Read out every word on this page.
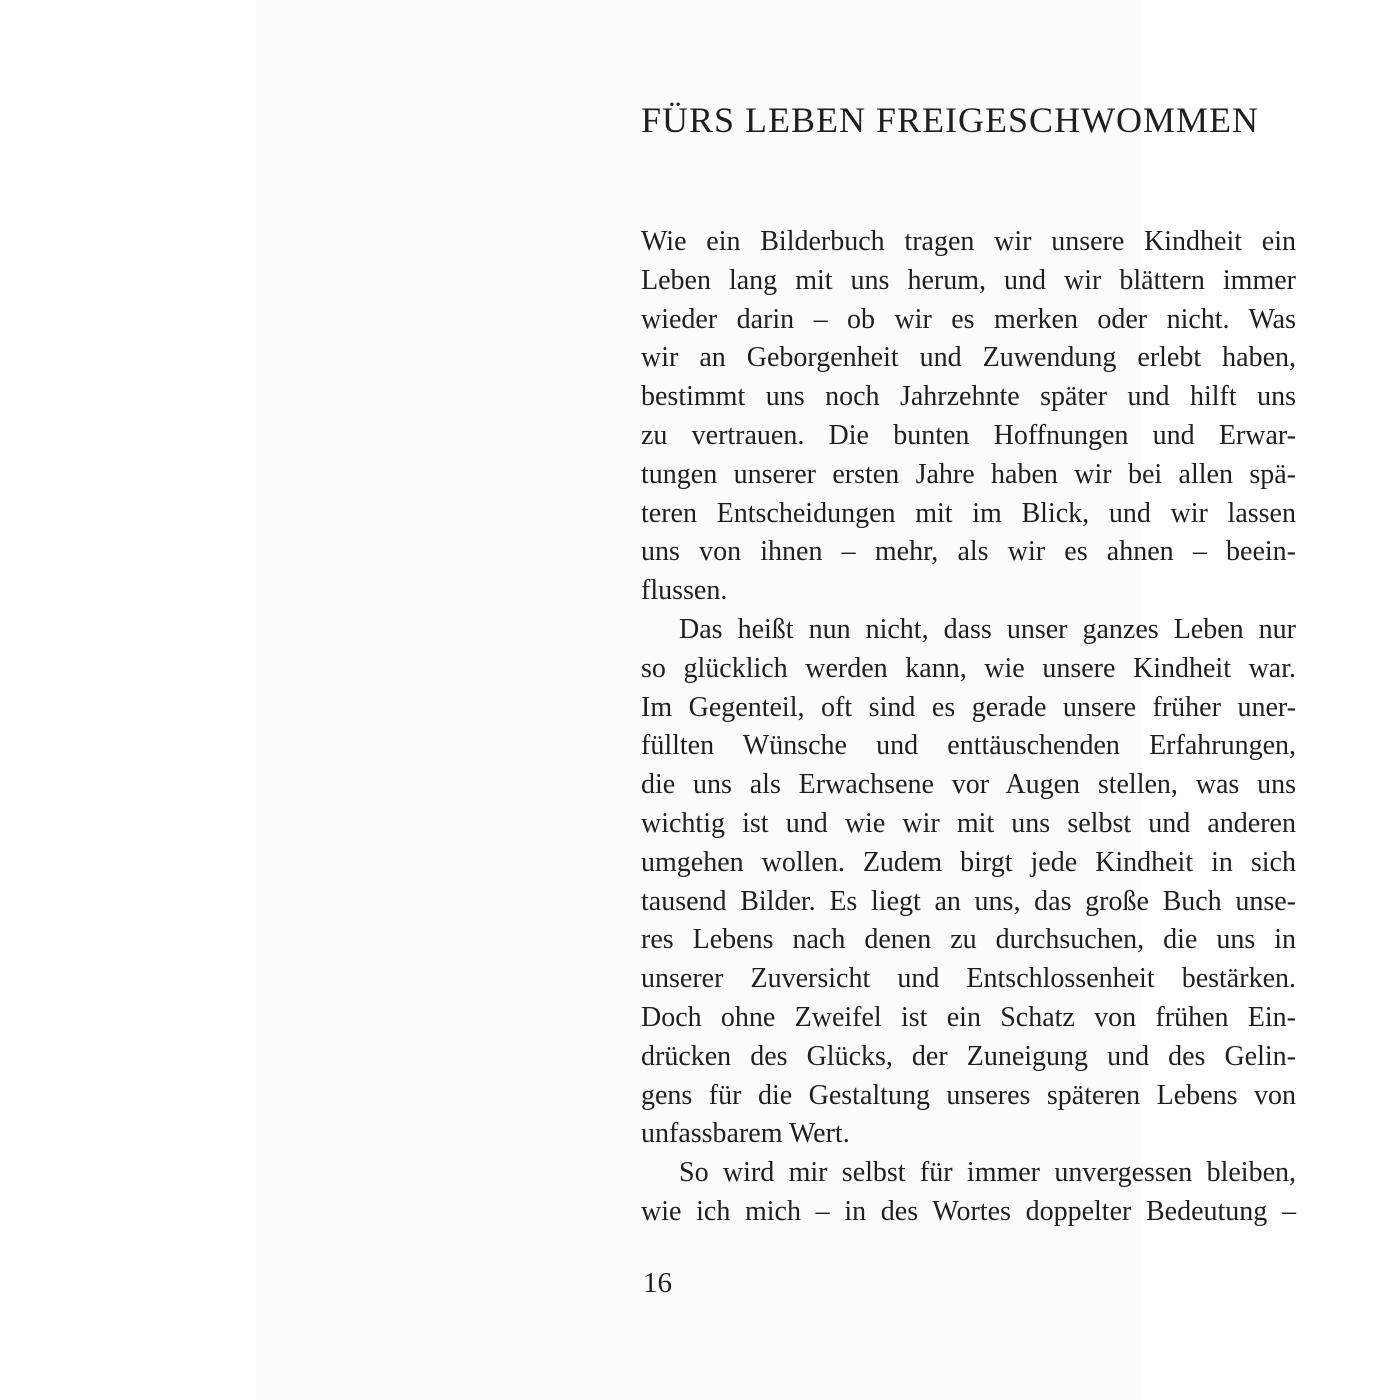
FÜRS LEBEN FREIGESCHWOMMEN
Wie ein Bilderbuch tragen wir unsere Kindheit ein
Leben lang mit uns herum, und wir blättern immer
wieder darin – ob wir es merken oder nicht. Was
wir an Geborgenheit und Zuwendung erlebt haben,
bestimmt uns noch Jahrzehnte später und hilft uns
zu vertrauen. Die bunten Hoffnungen und Erwar-
tungen unserer ersten Jahre haben wir bei allen spä-
teren Entscheidungen mit im Blick, und wir lassen
uns von ihnen – mehr, als wir es ahnen – beein-
flussen.
Das heißt nun nicht, dass unser ganzes Leben nur
so glücklich werden kann, wie unsere Kindheit war.
Im Gegenteil, oft sind es gerade unsere früher uner-
füllten Wünsche und enttäuschenden Erfahrungen,
die uns als Erwachsene vor Augen stellen, was uns
wichtig ist und wie wir mit uns selbst und anderen
umgehen wollen. Zudem birgt jede Kindheit in sich
tausend Bilder. Es liegt an uns, das große Buch unse-
res Lebens nach denen zu durchsuchen, die uns in
unserer Zuversicht und Entschlossenheit bestärken.
Doch ohne Zweifel ist ein Schatz von frühen Ein-
drücken des Glücks, der Zuneigung und des Gelin-
gens für die Gestaltung unseres späteren Lebens von
unfassbarem Wert.
So wird mir selbst für immer unvergessen bleiben,
wie ich mich – in des Wortes doppelter Bedeutung –
16
